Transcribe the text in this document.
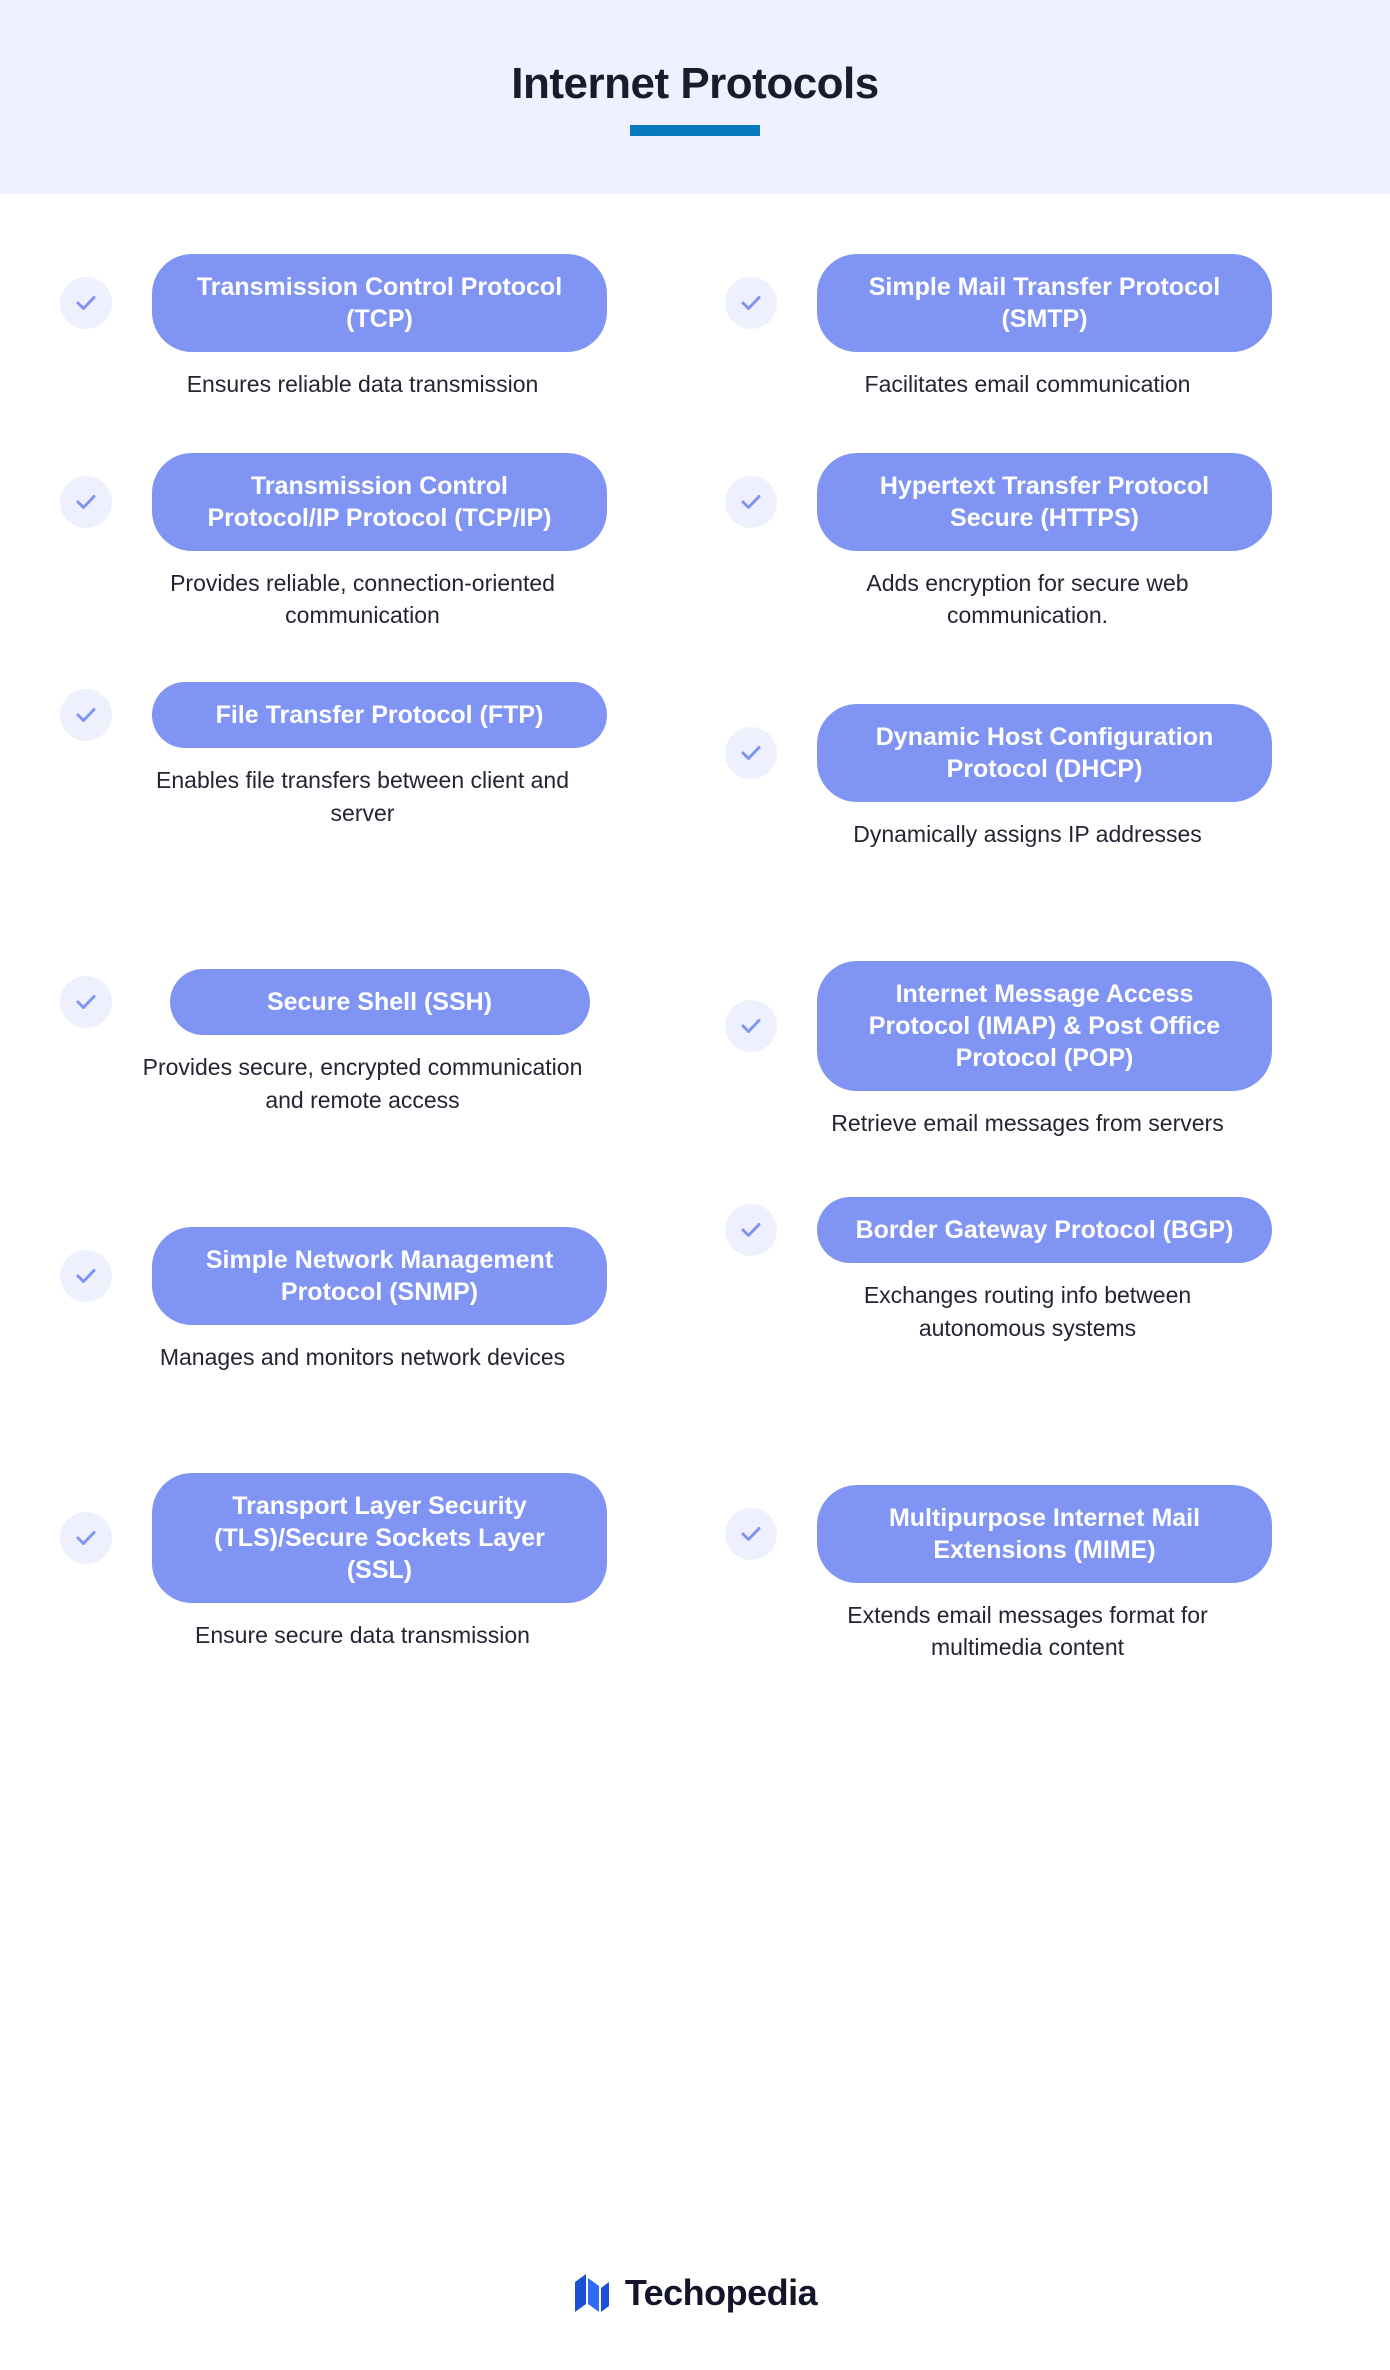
Internet Protocols
Transmission Control Protocol (TCP)
Ensures reliable data transmission
Transmission Control Protocol/IP Protocol (TCP/IP)
Provides reliable, connection-oriented communication
File Transfer Protocol (FTP)
Enables file transfers between client and server
Secure Shell (SSH)
Provides secure, encrypted communication and remote access
Simple Network Management Protocol (SNMP)
Manages and monitors network devices
Transport Layer Security (TLS)/Secure Sockets Layer (SSL)
Ensure secure data transmission
Simple Mail Transfer Protocol (SMTP)
Facilitates email communication
Hypertext Transfer Protocol Secure (HTTPS)
Adds encryption for secure web communication.
Dynamic Host Configuration Protocol (DHCP)
Dynamically assigns IP addresses
Internet Message Access Protocol (IMAP) & Post Office Protocol (POP)
Retrieve email messages from servers
Border Gateway Protocol (BGP)
Exchanges routing info between autonomous systems
Multipurpose Internet Mail Extensions (MIME)
Extends email messages format for multimedia content
Techopedia
